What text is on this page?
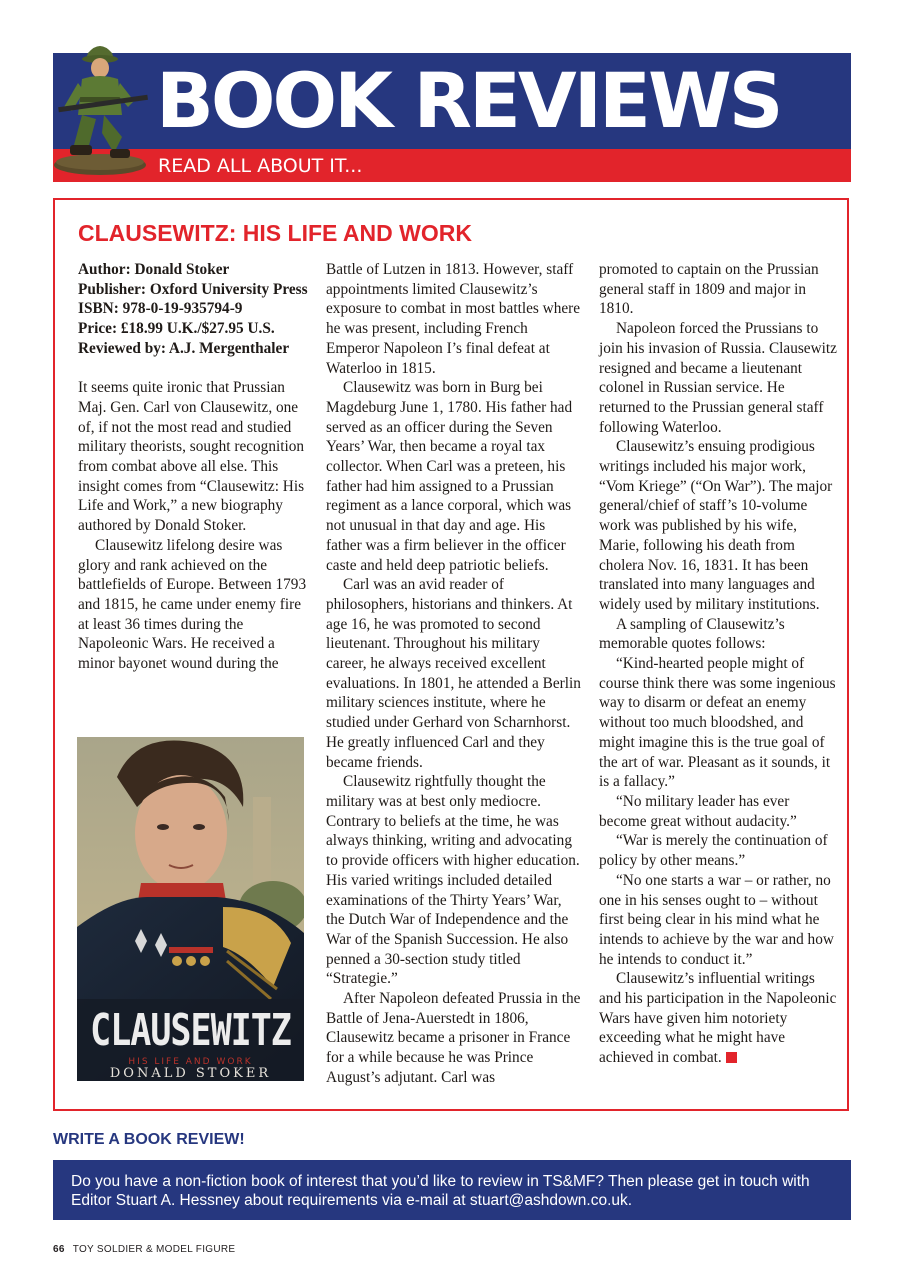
BOOK REVIEWS
READ ALL ABOUT IT...
CLAUSEWITZ: HIS LIFE AND WORK
Author: Donald Stoker
Publisher: Oxford University Press
ISBN: 978-0-19-935794-9
Price: £18.99 U.K./$27.95 U.S.
Reviewed by: A.J. Mergenthaler

It seems quite ironic that Prussian Maj. Gen. Carl von Clausewitz, one of, if not the most read and studied military theorists, sought recognition from combat above all else. This insight comes from “Clausewitz: His Life and Work,” a new biography authored by Donald Stoker.

Clausewitz lifelong desire was glory and rank achieved on the battlefields of Europe. Between 1793 and 1815, he came under enemy fire at least 36 times during the Napoleonic Wars. He received a minor bayonet wound during the

CLAUSEWITZ
HIS LIFE AND WORK
DONALD STOKER

Battle of Lutzen in 1813. However, staff appointments limited Clausewitz’s exposure to combat in most battles where he was present, including French Emperor Napoleon I’s final defeat at Waterloo in 1815.

Clausewitz was born in Burg bei Magdeburg June 1, 1780. His father had served as an officer during the Seven Years’ War, then became a royal tax collector. When Carl was a preteen, his father had him assigned to a Prussian regiment as a lance corporal, which was not unusual in that day and age. His father was a firm believer in the officer caste and held deep patriotic beliefs.

Carl was an avid reader of philosophers, historians and thinkers. At age 16, he was promoted to second lieutenant. Throughout his military career, he always received excellent evaluations. In 1801, he attended a Berlin military sciences institute, where he studied under Gerhard von Scharnhorst. He greatly influenced Carl and they became friends.

Clausewitz rightfully thought the military was at best only mediocre. Contrary to beliefs at the time, he was always thinking, writing and advocating to provide officers with higher education. His varied writings included detailed examinations of the Thirty Years’ War, the Dutch War of Independence and the War of the Spanish Succession. He also penned a 30-section study titled “Strategie.”

After Napoleon defeated Prussia in the Battle of Jena-Auerstedt in 1806, Clausewitz became a prisoner in France for a while because he was Prince August’s adjutant. Carl was

promoted to captain on the Prussian general staff in 1809 and major in 1810.

Napoleon forced the Prussians to join his invasion of Russia. Clausewitz resigned and became a lieutenant colonel in Russian service. He returned to the Prussian general staff following Waterloo.

Clausewitz’s ensuing prodigious writings included his major work, “Vom Kriege” (“On War”). The major general/chief of staff’s 10-volume work was published by his wife, Marie, following his death from cholera Nov. 16, 1831. It has been translated into many languages and widely used by military institutions.

A sampling of Clausewitz’s memorable quotes follows:

“Kind-hearted people might of course think there was some ingenious way to disarm or defeat an enemy without too much bloodshed, and might imagine this is the true goal of the art of war. Pleasant as it sounds, it is a fallacy.”

“No military leader has ever become great without audacity.”

“War is merely the continuation of policy by other means.”

“No one starts a war – or rather, no one in his senses ought to – without first being clear in his mind what he intends to achieve by the war and how he intends to conduct it.”

Clausewitz’s influential writings and his participation in the Napoleonic Wars have given him notoriety exceeding what he might have achieved in combat.

WRITE A BOOK REVIEW!
Do you have a non-fiction book of interest that you’d like to review in TS&MF? Then please get in touch with Editor Stuart A. Hessney about requirements via e-mail at stuart@ashdown.co.uk.
66 TOY SOLDIER & MODEL FIGURE
